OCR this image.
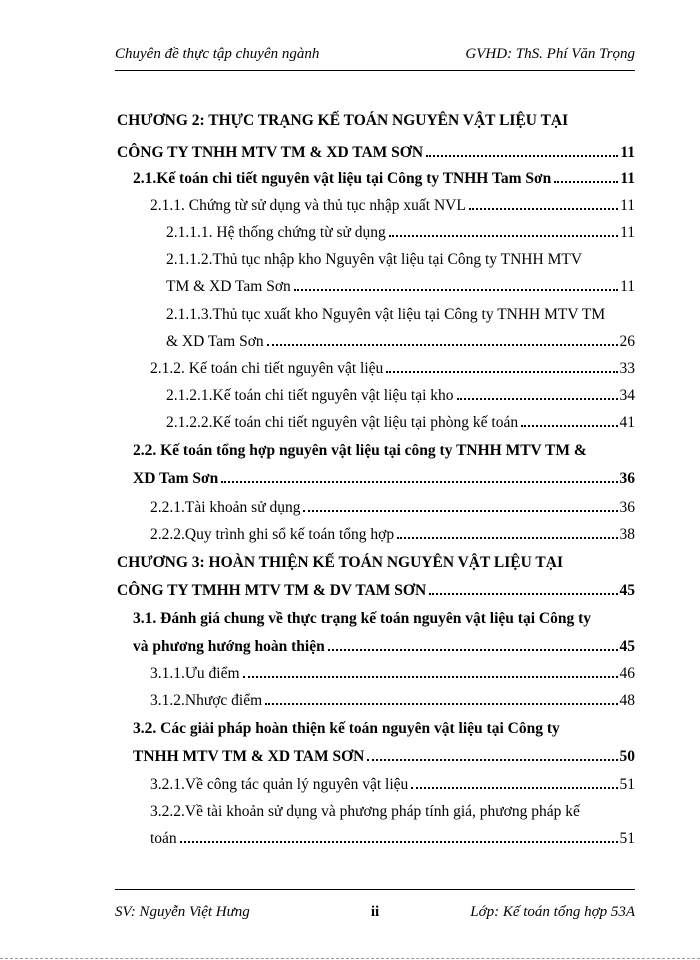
Chuyên đề thực tập chuyên ngành	GVHD: ThS. Phí Văn Trọng
CHƯƠNG 2: THỰC TRẠNG KẾ TOÁN NGUYÊN VẬT LIỆU TẠI
CÔNG TY TNHH MTV TM & XD TAM SƠN	11
2.1.Kế toán chi tiết nguyên vật liệu tại Công ty TNHH Tam Sơn	11
2.1.1. Chứng từ sử dụng và thủ tục nhập xuất NVL	11
2.1.1.1. Hệ thống chứng từ sử dụng	11
2.1.1.2.Thủ tục nhập kho Nguyên vật liệu tại Công ty TNHH MTV
TM & XD Tam Sơn	11
2.1.1.3.Thủ tục xuất kho Nguyên vật liệu tại Công ty TNHH MTV TM
& XD Tam Sơn	26
2.1.2. Kế toán chi tiết nguyên vật liệu	33
2.1.2.1.Kế toán chi tiết nguyên vật liệu tại kho	34
2.1.2.2.Kế toán chi tiết nguyên vật liệu tại phòng kế toán	41
2.2. Kế toán tổng hợp nguyên vật liệu tại công ty TNHH MTV TM &
XD Tam Sơn	36
2.2.1.Tài khoản sử dụng	36
2.2.2.Quy trình ghi sổ kế toán tổng hợp	38
CHƯƠNG 3: HOÀN THIỆN KẾ TOÁN NGUYÊN VẬT LIỆU TẠI
CÔNG TY TMHH MTV TM & DV TAM SƠN	45
3.1. Đánh giá chung về thực trạng kế toán nguyên vật liệu tại Công ty
và phương hướng hoàn thiện	45
3.1.1.Ưu điểm	46
3.1.2.Nhược điểm	48
3.2. Các giải pháp hoàn thiện kế toán nguyên vật liệu tại Công ty
TNHH MTV TM & XD TAM SƠN	50
3.2.1.Về công tác quản lý nguyên vật liệu	51
3.2.2.Về tài khoản sử dụng và phương pháp tính giá, phương pháp kế
toán	51
SV: Nguyễn Việt Hưng	ii	Lớp: Kế toán tổng hợp 53A
